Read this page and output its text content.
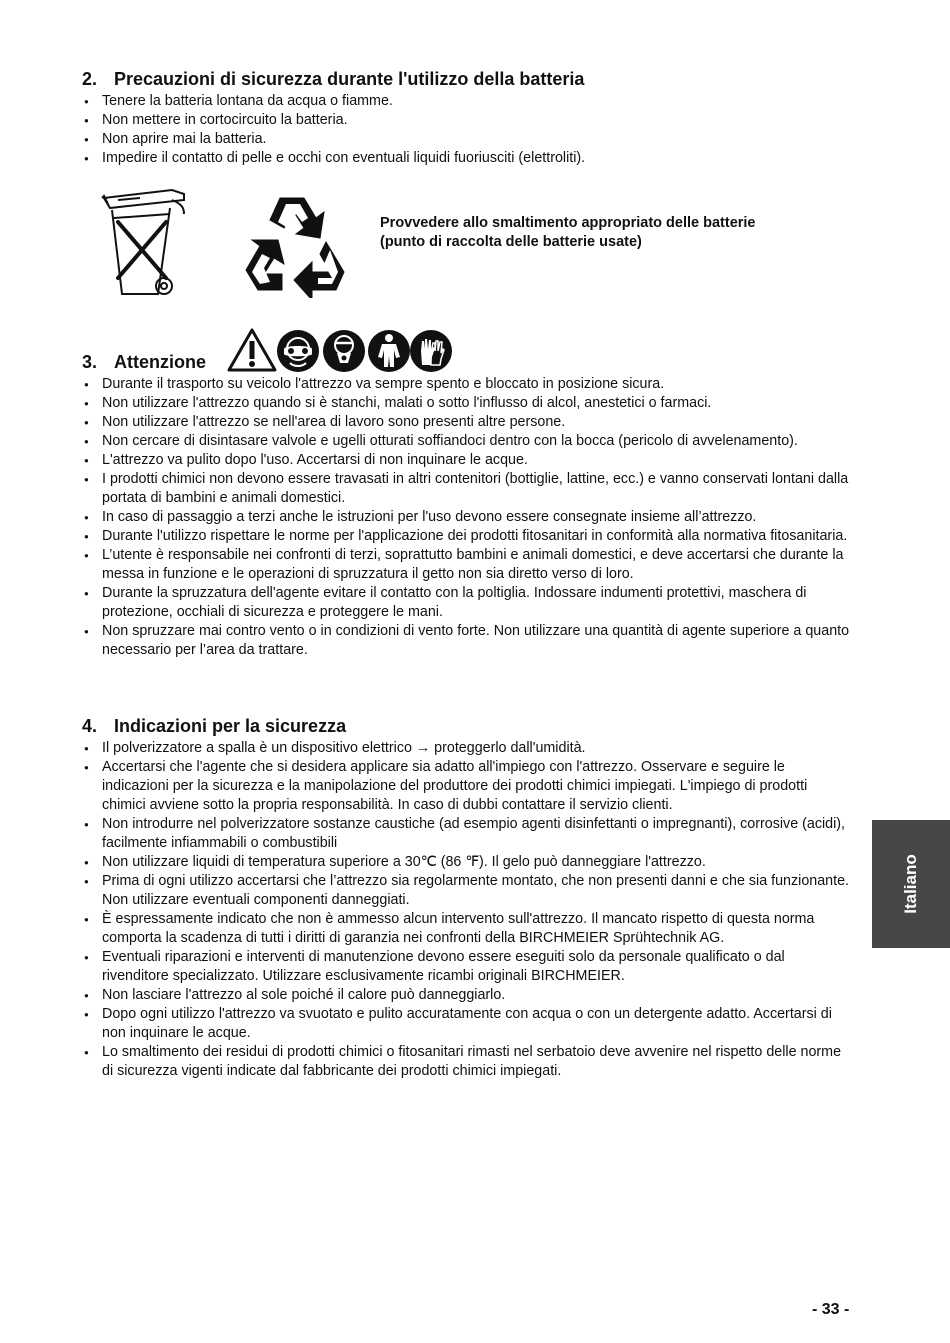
2. Precauzioni di sicurezza durante l'utilizzo della batteria
● Tenere la batteria lontana da acqua o fiamme.
● Non mettere in cortocircuito la batteria.
● Non aprire mai la batteria.
● Impedire il contatto di pelle e occhi con eventuali liquidi fuoriusciti (elettroliti).
Provvedere allo smaltimento appropriato delle batterie
(punto di raccolta delle batterie usate)
3. Attenzione
● Durante il trasporto su veicolo l'attrezzo va sempre spento e bloccato in posizione sicura.
● Non utilizzare l'attrezzo quando si è stanchi, malati o sotto l'influsso di alcol, anestetici o farmaci.
● Non utilizzare l'attrezzo se nell'area di lavoro sono presenti altre persone.
● Non cercare di disintasare valvole e ugelli otturati soffiandoci dentro con la bocca (pericolo di avvelenamento).
● L'attrezzo va pulito dopo l'uso. Accertarsi di non inquinare le acque.
● I prodotti chimici non devono essere travasati in altri contenitori (bottiglie, lattine, ecc.) e vanno conservati lontani dalla portata di bambini e animali domestici.
● In caso di passaggio a terzi anche le istruzioni per l'uso devono essere consegnate insieme all’attrezzo.
● Durante l'utilizzo rispettare le norme per l'applicazione dei prodotti fitosanitari in conformità alla normativa fitosanitaria.
● L’utente è responsabile nei confronti di terzi, soprattutto bambini e animali domestici, e deve accertarsi che durante la messa in funzione e le operazioni di spruzzatura il getto non sia diretto verso di loro.
● Durante la spruzzatura dell'agente evitare il contatto con la poltiglia. Indossare indumenti protettivi, maschera di protezione, occhiali di sicurezza e proteggere le mani.
● Non spruzzare mai contro vento o in condizioni di vento forte. Non utilizzare una quantità di agente superiore a quanto necessario per l’area da trattare.
4. Indicazioni per la sicurezza
● Il polverizzatore a spalla è un dispositivo elettrico → proteggerlo dall'umidità.
● Accertarsi che l'agente che si desidera applicare sia adatto all'impiego con l'attrezzo. Osservare e seguire le indicazioni per la sicurezza e la manipolazione del produttore dei prodotti chimici impiegati. L'impiego di prodotti chimici avviene sotto la propria responsabilità. In caso di dubbi contattare il servizio clienti.
● Non introdurre nel polverizzatore sostanze caustiche (ad esempio agenti disinfettanti o impregnanti), corrosive (acidi), facilmente infiammabili o combustibili
● Non utilizzare liquidi di temperatura superiore a 30℃ (86 ℉). Il gelo può danneggiare l'attrezzo.
● Prima di ogni utilizzo accertarsi che l’attrezzo sia regolarmente montato, che non presenti danni e che sia funzionante. Non utilizzare eventuali componenti danneggiati.
● È espressamente indicato che non è ammesso alcun intervento sull'attrezzo. Il mancato rispetto di questa norma comporta la scadenza di tutti i diritti di garanzia nei confronti della BIRCHMEIER Sprühtechnik AG.
● Eventuali riparazioni e interventi di manutenzione devono essere eseguiti solo da personale qualificato o dal rivenditore specializzato. Utilizzare esclusivamente ricambi originali BIRCHMEIER.
● Non lasciare l'attrezzo al sole poiché il calore può danneggiarlo.
● Dopo ogni utilizzo l'attrezzo va svuotato e pulito accuratamente con acqua o con un detergente adatto. Accertarsi di non inquinare le acque.
● Lo smaltimento dei residui di prodotti chimici o fitosanitari rimasti nel serbatoio deve avvenire nel rispetto delle norme di sicurezza vigenti indicate dal fabbricante dei prodotti chimici impiegati.
Italiano
- 33 -
